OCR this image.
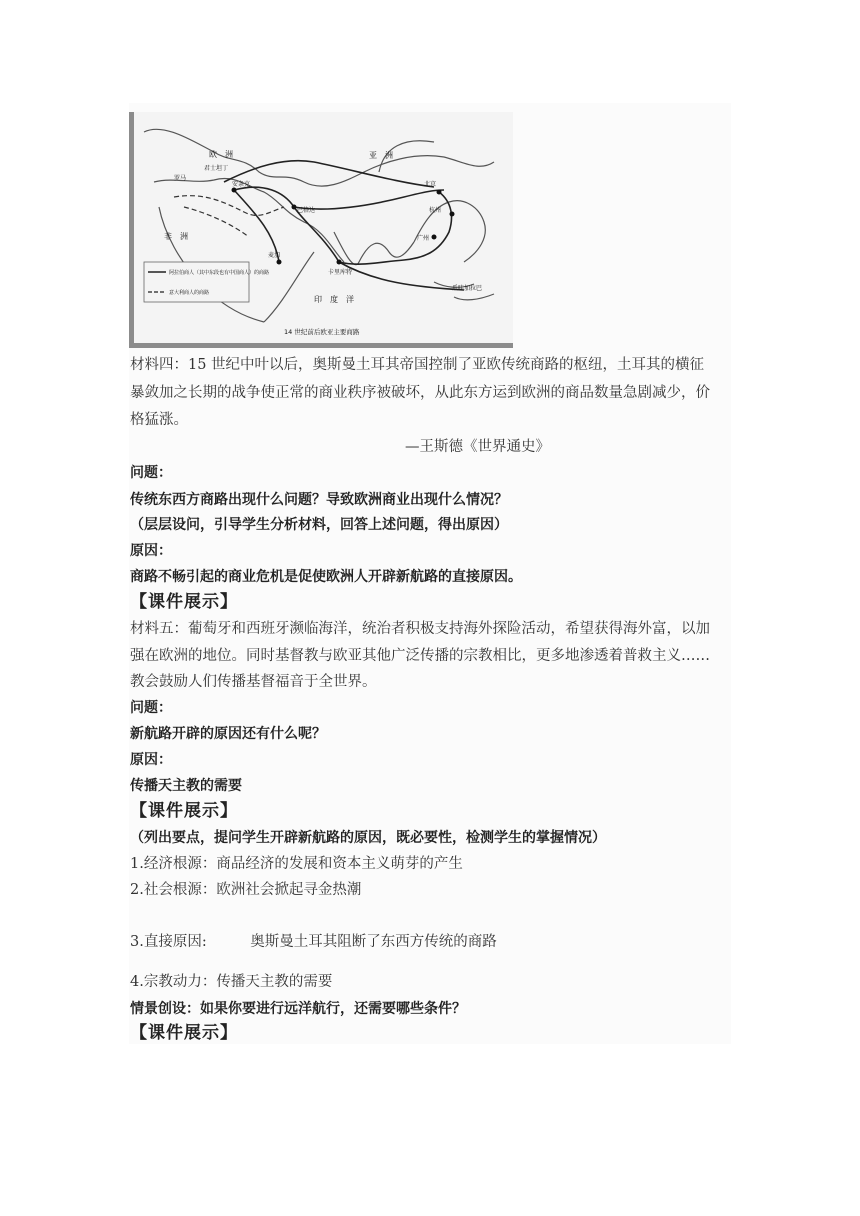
欧　洲	亚　洲
非　洲
印　度　洋
北京
杭州
广州
巴格达
安条克
麦加
卡里库特
君士坦丁
罗马
爪哇加拉巴
阿拉伯商人（其中东段也有中国商人）的商路
意大利商人的商路
14 世纪前后欧亚主要商路
材料四：15 世纪中叶以后，奥斯曼土耳其帝国控制了亚欧传统商路的枢纽，土耳其的横征
暴敛加之长期的战争使正常的商业秩序被破坏，从此东方运到欧洲的商品数量急剧减少，价
格猛涨。
—王斯德《世界通史》
问题：
传统东西方商路出现什么问题？导致欧洲商业出现什么情况？
（层层设问，引导学生分析材料，回答上述问题，得出原因）
原因：
商路不畅引起的商业危机是促使欧洲人开辟新航路的直接原因。
【课件展示】
材料五：葡萄牙和西班牙濒临海洋，统治者积极支持海外探险活动，希望获得海外富，以加
强在欧洲的地位。同时基督教与欧亚其他广泛传播的宗教相比，更多地渗透着普救主义……
教会鼓励人们传播基督福音于全世界。
问题：
新航路开辟的原因还有什么呢？
原因：
传播天主教的需要
【课件展示】
（列出要点，提问学生开辟新航路的原因，既必要性，检测学生的掌握情况）
1.经济根源：商品经济的发展和资本主义萌芽的产生
2.社会根源：欧洲社会掀起寻金热潮
3.直接原因:　　　奥斯曼土耳其阻断了东西方传统的商路
4.宗教动力：传播天主教的需要
情景创设：如果你要进行远洋航行，还需要哪些条件？
【课件展示】
